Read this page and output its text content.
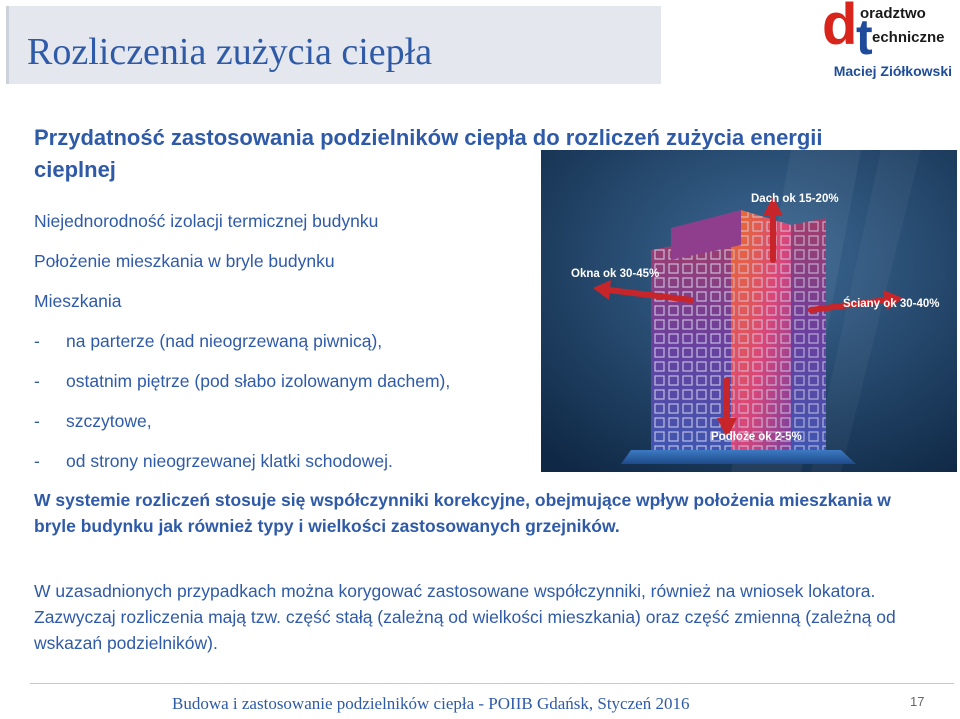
Rozliczenia zużycia ciepła	d
t
oradztwo
echniczne
Maciej Ziółkowski
Przydatność zastosowania podzielników ciepła do rozliczeń zużycia energii cieplnej
Niejednorodność izolacji termicznej budynku
Położenie mieszkania w bryle budynku
Mieszkania
- na parterze (nad nieogrzewaną piwnicą),
- ostatnim piętrze (pod słabo izolowanym dachem),
- szczytowe,
- od strony nieogrzewanej klatki schodowej.
Dach ok 15-20%
Okna ok 30-45%
Ściany ok 30-40%
Podłoże ok 2-5%
W systemie rozliczeń stosuje się współczynniki korekcyjne, obejmujące wpływ położenia mieszkania w bryle budynku jak również typy i wielkości zastosowanych grzejników.
W uzasadnionych przypadkach można korygować zastosowane współczynniki, również na wniosek lokatora. Zazwyczaj rozliczenia mają tzw. część stałą (zależną od wielkości mieszkania) oraz część zmienną (zależną od wskazań podzielników).
Budowa i zastosowanie podzielników ciepła - POIIB Gdańsk, Styczeń 2016	17
